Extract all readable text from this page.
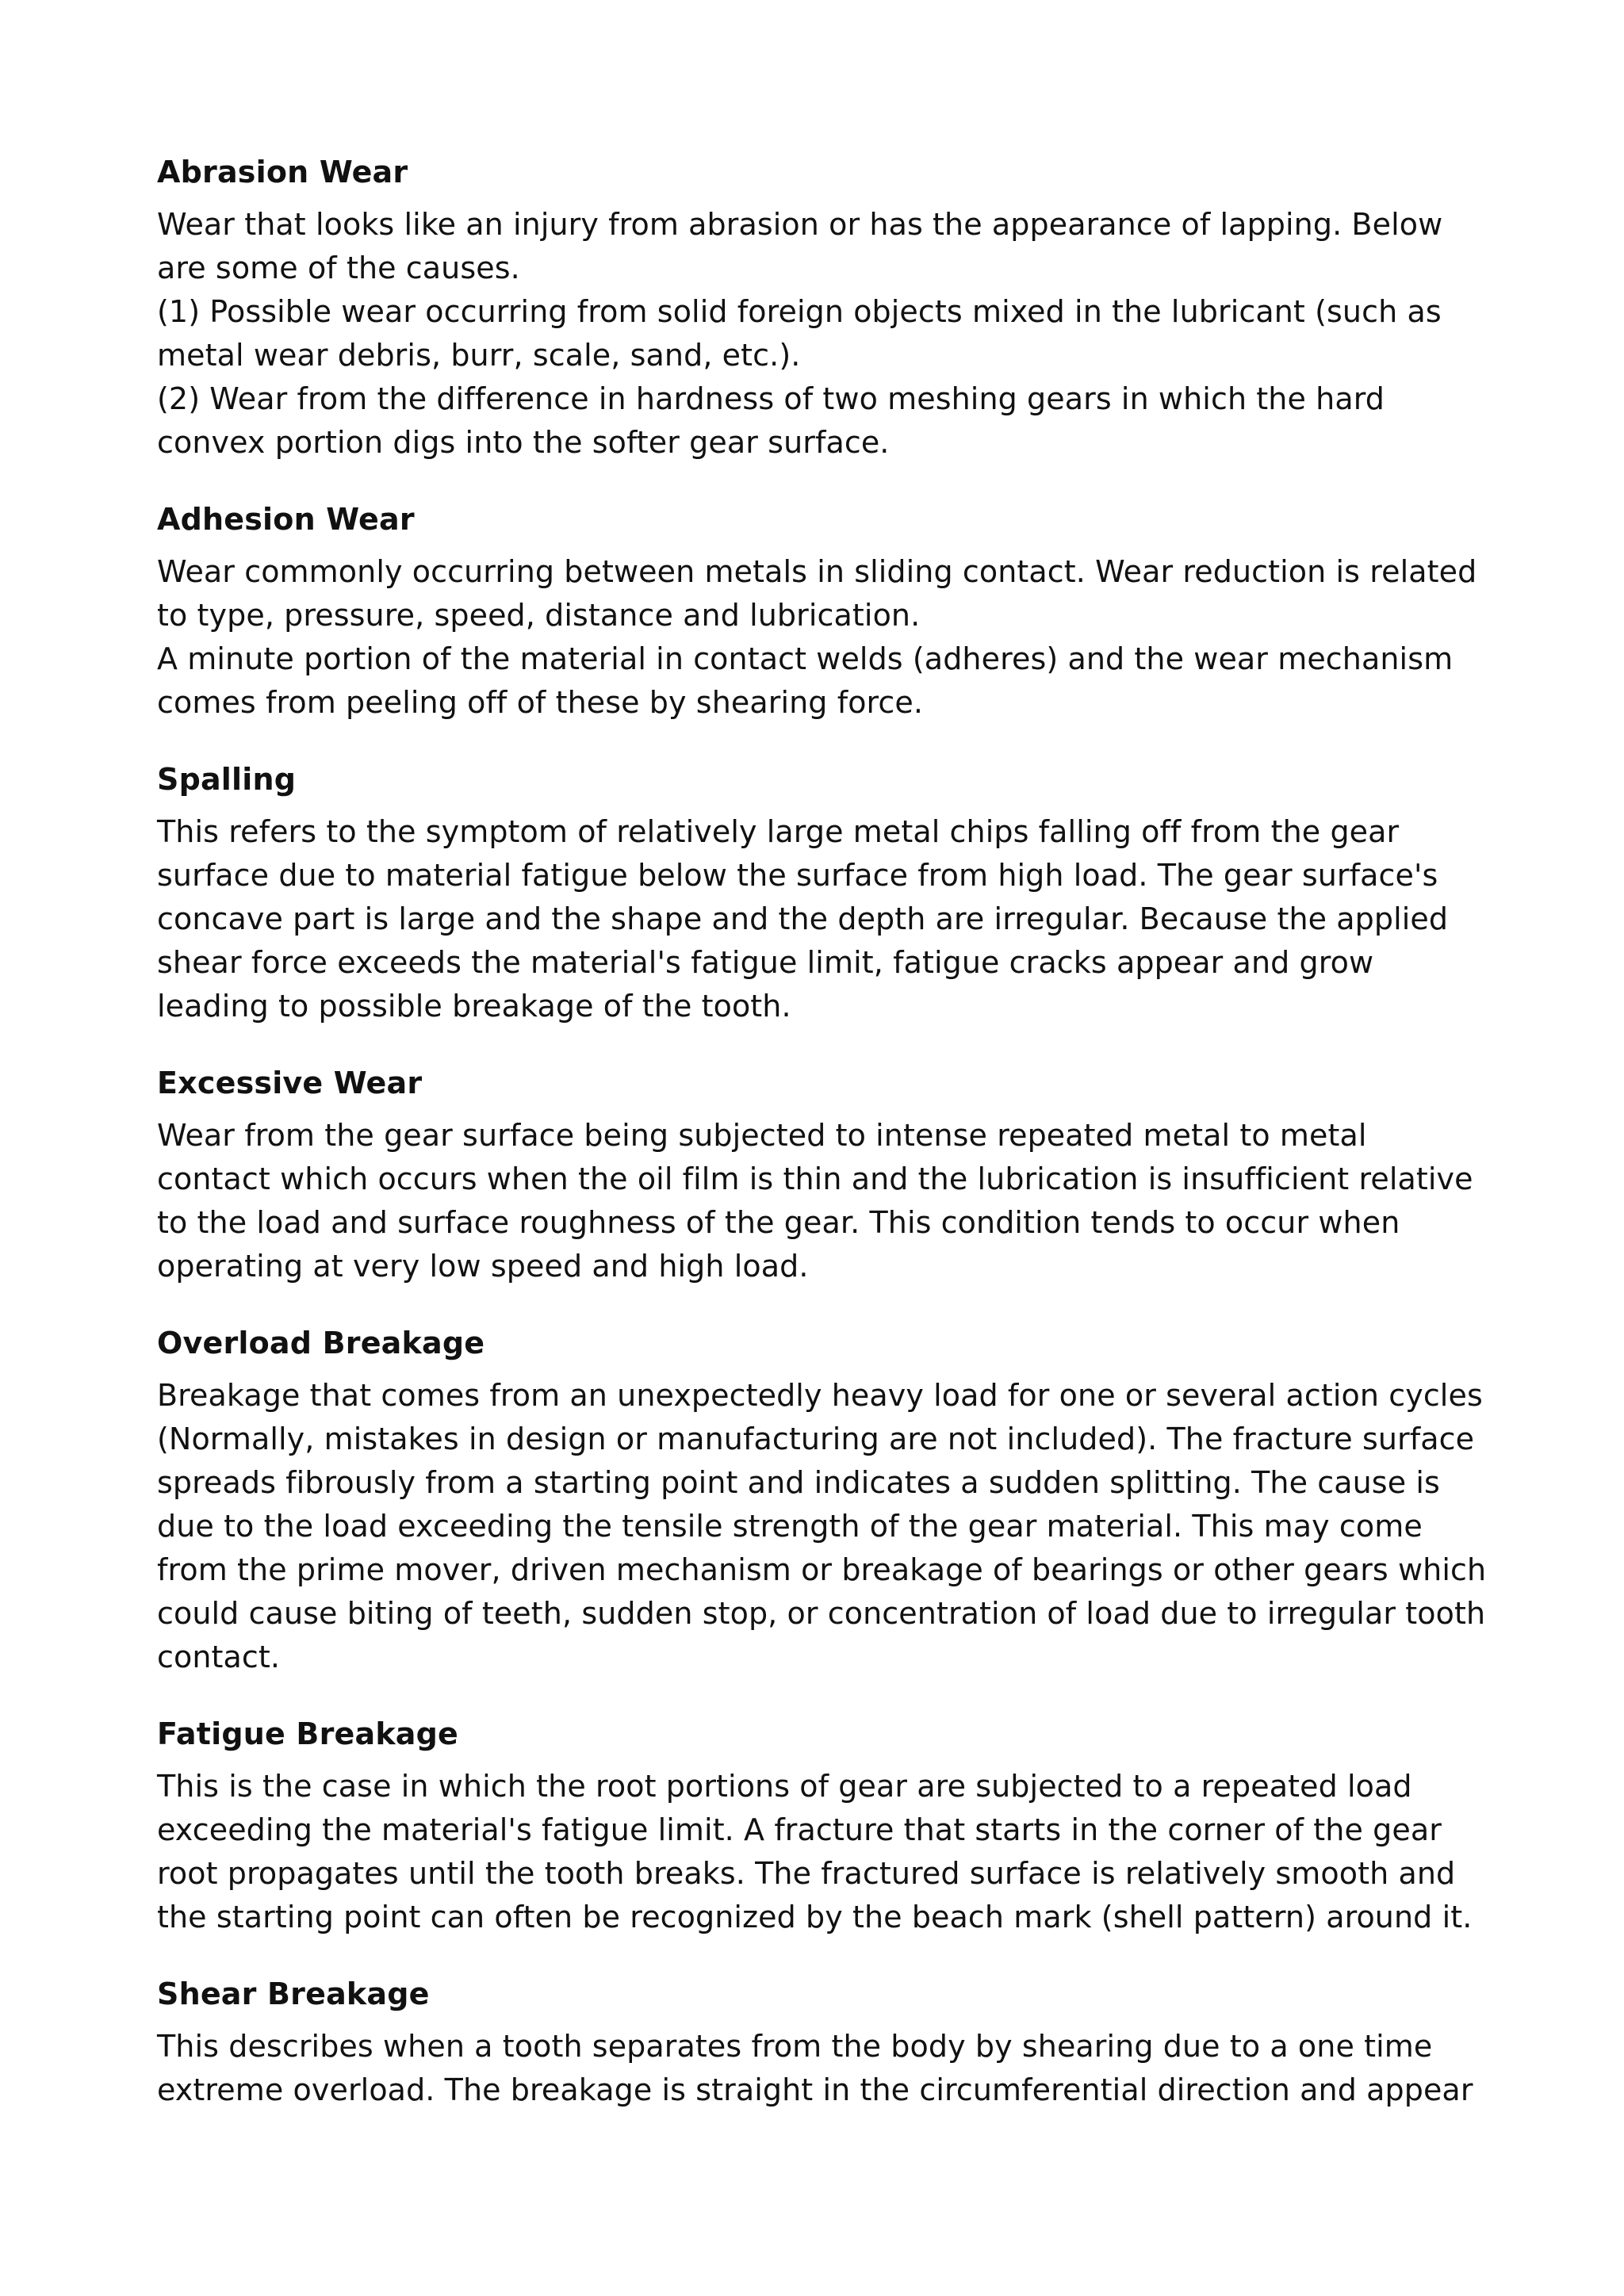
Abrasion Wear

Wear that looks like an injury from abrasion or has the appearance of lapping. Below are some of the causes.

(1) Possible wear occurring from solid foreign objects mixed in the lubricant (such as metal wear debris, burr, scale, sand, etc.).

(2) Wear from the difference in hardness of two meshing gears in which the hard convex portion digs into the softer gear surface.

Adhesion Wear

Wear commonly occurring between metals in sliding contact. Wear reduction is related to type, pressure, speed, distance and lubrication.

A minute portion of the material in contact welds (adheres) and the wear mechanism comes from peeling off of these by shearing force.

Spalling

This refers to the symptom of relatively large metal chips falling off from the gear surface due to material fatigue below the surface from high load. The gear surface's concave part is large and the shape and the depth are irregular. Because the applied shear force exceeds the material's fatigue limit, fatigue cracks appear and grow leading to possible breakage of the tooth.

Excessive Wear

Wear from the gear surface being subjected to intense repeated metal to metal contact which occurs when the oil film is thin and the lubrication is insufficient relative to the load and surface roughness of the gear. This condition tends to occur when operating at very low speed and high load.

Overload Breakage

Breakage that comes from an unexpectedly heavy load for one or several action cycles (Normally, mistakes in design or manufacturing are not included). The fracture surface spreads fibrously from a starting point and indicates a sudden splitting. The cause is due to the load exceeding the tensile strength of the gear material. This may come from the prime mover, driven mechanism or breakage of bearings or other gears which could cause biting of teeth, sudden stop, or concentration of load due to irregular tooth contact.

Fatigue Breakage

This is the case in which the root portions of gear are subjected to a repeated load exceeding the material's fatigue limit. A fracture that starts in the corner of the gear root propagates until the tooth breaks. The fractured surface is relatively smooth and the starting point can often be recognized by the beach mark (shell pattern) around it.

Shear Breakage

This describes when a tooth separates from the body by shearing due to a one time extreme overload. The breakage is straight in the circumferential direction and appear
